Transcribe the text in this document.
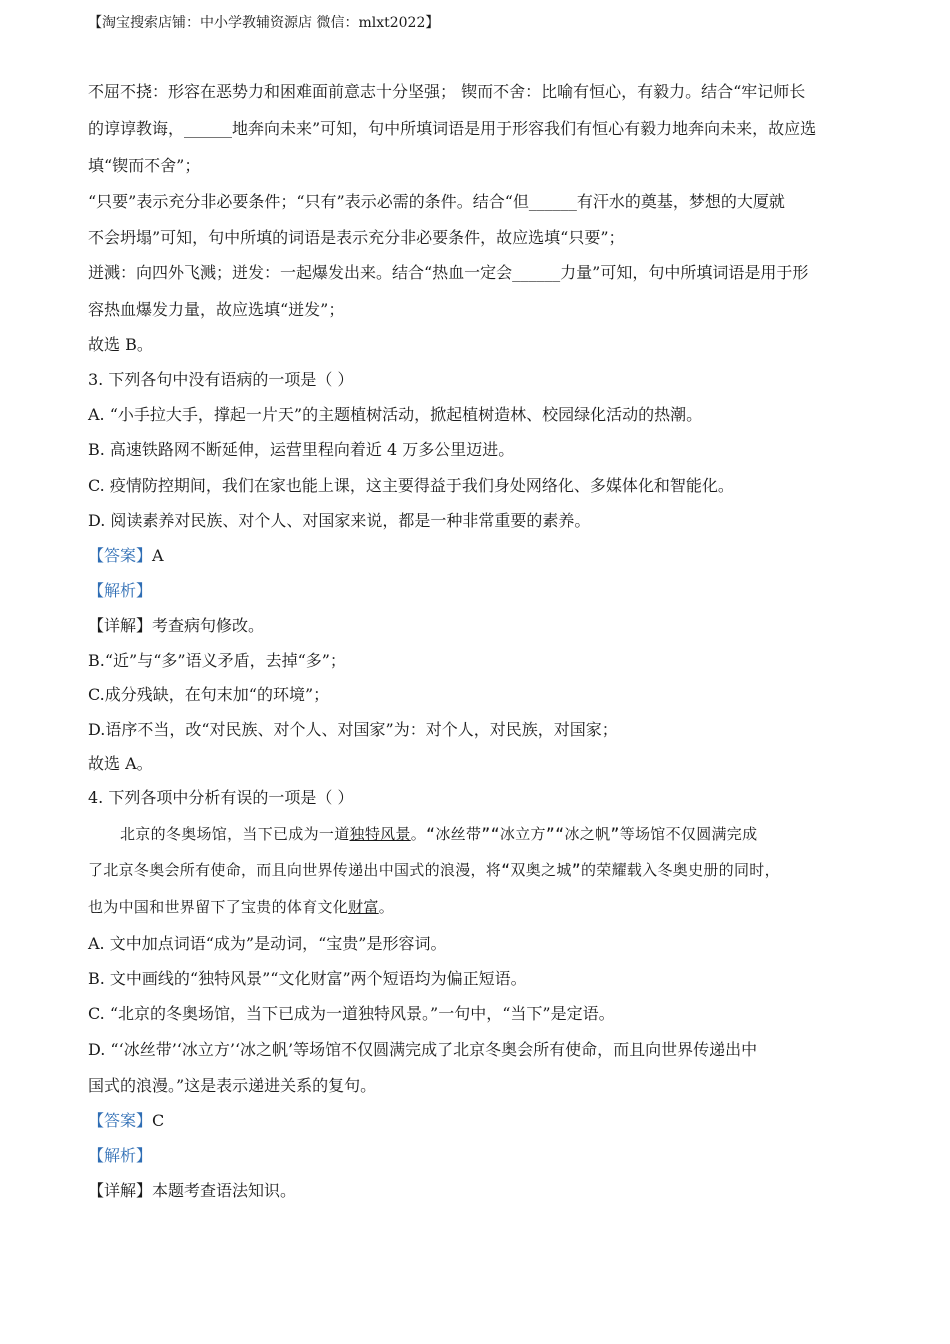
【淘宝搜索店铺：中小学教辅资源店 微信：mlxt2022】
不屈不挠：形容在恶势力和困难面前意志十分坚强； 锲而不舍：比喻有恒心，有毅力。结合“牢记师长
的谆谆教诲，______地奔向未来”可知，句中所填词语是用于形容我们有恒心有毅力地奔向未来，故应选
填“锲而不舍”；
“只要”表示充分非必要条件；“只有”表示必需的条件。结合“但______有汗水的奠基，梦想的大厦就
不会坍塌”可知，句中所填的词语是表示充分非必要条件，故应选填“只要”；
迸溅：向四外飞溅；迸发：一起爆发出来。结合“热血一定会______力量”可知，句中所填词语是用于形
容热血爆发力量，故应选填“迸发”；
故选 B。
3. 下列各句中没有语病的一项是（ ）
A. “小手拉大手，撑起一片天”的主题植树活动，掀起植树造林、校园绿化活动的热潮。
B. 高速铁路网不断延伸，运营里程向着近 4 万多公里迈进。
C. 疫情防控期间，我们在家也能上课，这主要得益于我们身处网络化、多媒体化和智能化。
D. 阅读素养对民族、对个人、对国家来说，都是一种非常重要的素养。
【答案】A
【解析】
【详解】考查病句修改。
B.“近”与“多”语义矛盾，去掉“多”；
C.成分残缺，在句末加“的环境”；
D.语序不当，改“对民族、对个人、对国家”为：对个人，对民族，对国家；
故选 A。
4. 下列各项中分析有误的一项是（ ）
北京的冬奥场馆，当下已成为一道独特风景。“冰丝带”“冰立方”“冰之帆”等场馆不仅圆满完成
了北京冬奥会所有使命，而且向世界传递出中国式的浪漫，将“双奥之城”的荣耀载入冬奥史册的同时，
也为中国和世界留下了宝贵的体育文化财富。
A. 文中加点词语“成为”是动词，“宝贵”是形容词。
B. 文中画线的“独特风景”“文化财富”两个短语均为偏正短语。
C. “北京的冬奥场馆，当下已成为一道独特风景。”一句中，“当下”是定语。
D. “‘冰丝带’‘冰立方’‘冰之帆’等场馆不仅圆满完成了北京冬奥会所有使命，而且向世界传递出中
国式的浪漫。”这是表示递进关系的复句。
【答案】C
【解析】
【详解】本题考查语法知识。
